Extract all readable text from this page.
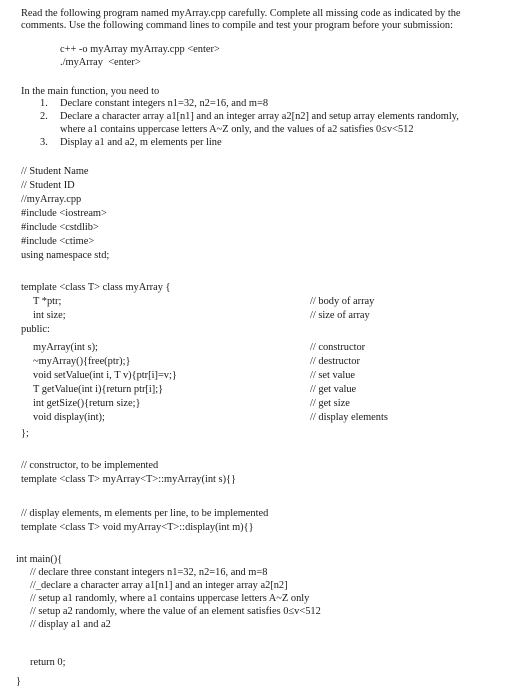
Read the following program named myArray.cpp carefully. Complete all missing code as indicated by the
comments. Use the following command lines to compile and test your program before your submission:
c++ -o myArray myArray.cpp <enter>
./myArray  <enter>
In the main function, you need to
1. Declare constant integers n1=32, n2=16, and m=8
2. Declare a character array a1[n1] and an integer array a2[n2] and setup array elements randomly,
where a1 contains uppercase letters A~Z only, and the values of a2 satisfies 0≤v<512
3. Display a1 and a2, m elements per line
// Student Name
// Student ID
//myArray.cpp
#include <iostream>
#include <cstdlib>
#include <ctime>
using namespace std;
template <class T> class myArray {
T *ptr;	// body of array
int size;	// size of array
public:
myArray(int s);	// constructor
~myArray(){free(ptr);}	// destructor
void setValue(int i, T v){ptr[i]=v;}	// set value
T getValue(int i){return ptr[i];}	// get value
int getSize(){return size;}	// get size
void display(int);	// display elements
};
// constructor, to be implemented
template <class T> myArray<T>::myArray(int s){}
// display elements, m elements per line, to be implemented
template <class T> void myArray<T>::display(int m){}
int main(){
// declare three constant integers n1=32, n2=16, and m=8
//_declare a character array a1[n1] and an integer array a2[n2]
// setup a1 randomly, where a1 contains uppercase letters A~Z only
// setup a2 randomly, where the value of an element satisfies 0≤v<512
// display a1 and a2
return 0;
}
